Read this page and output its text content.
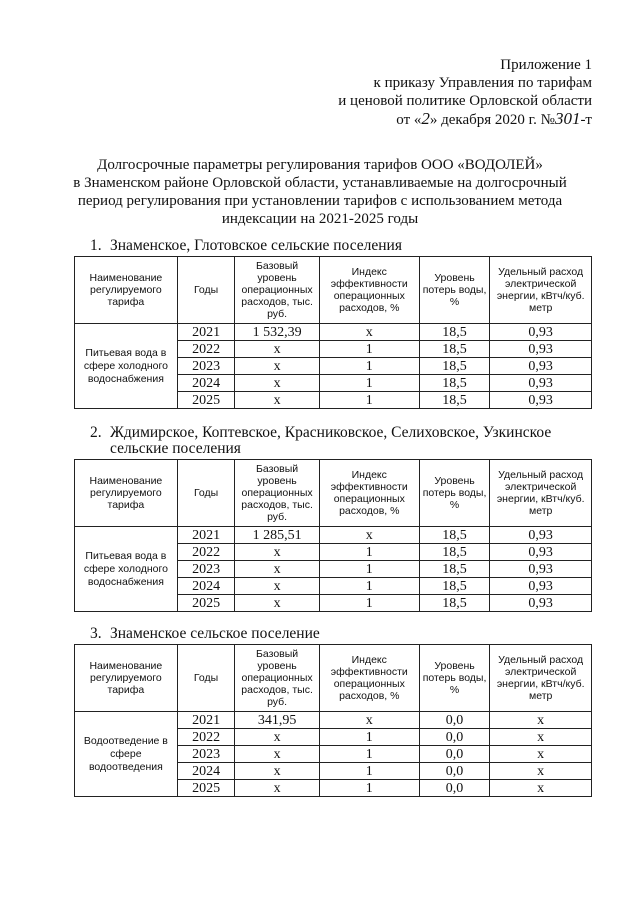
Приложение 1
к приказу Управления по тарифам
и ценовой политике Орловской области
от «2» декабря 2020 г. №301-т
Долгосрочные параметры регулирования тарифов ООО «ВОДОЛЕЙ»
в Знаменском районе Орловской области, устанавливаемые на долгосрочный
период регулирования при установлении тарифов с использованием метода
индексации на 2021-2025 годы
1. Знаменское, Глотовское сельские поселения
Наименование регулируемого тарифа	Годы	Базовый уровень операционных расходов, тыс. руб.	Индекс эффективности операционных расходов, %	Уровень потерь воды, %	Удельный расход электрической энергии, кВтч/куб. метр
Питьевая вода в сфере холодного водоснабжения	2021	1 532,39	х	18,5	0,93
	2022	х	1	18,5	0,93
	2023	х	1	18,5	0,93
	2024	х	1	18,5	0,93
	2025	х	1	18,5	0,93
2. Ждимирское, Коптевское, Красниковское, Селиховское, Узкинское
сельские поселения
Наименование регулируемого тарифа	Годы	Базовый уровень операционных расходов, тыс. руб.	Индекс эффективности операционных расходов, %	Уровень потерь воды, %	Удельный расход электрической энергии, кВтч/куб. метр
Питьевая вода в сфере холодного водоснабжения	2021	1 285,51	х	18,5	0,93
	2022	х	1	18,5	0,93
	2023	х	1	18,5	0,93
	2024	х	1	18,5	0,93
	2025	х	1	18,5	0,93
3. Знаменское сельское поселение
Наименование регулируемого тарифа	Годы	Базовый уровень операционных расходов, тыс. руб.	Индекс эффективности операционных расходов, %	Уровень потерь воды, %	Удельный расход электрической энергии, кВтч/куб. метр
Водоотведение в сфере водоотведения	2021	341,95	х	0,0	х
	2022	х	1	0,0	х
	2023	х	1	0,0	х
	2024	х	1	0,0	х
	2025	х	1	0,0	х
